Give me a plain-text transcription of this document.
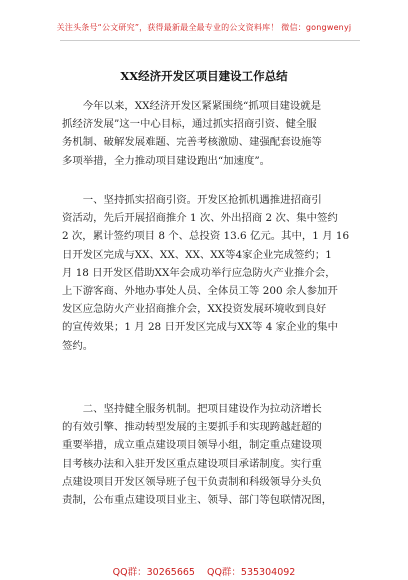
关注头条号“公文研究”，获得最新最全最专业的公文资料库！ 微信：gongwenyj
XX经济开发区项目建设工作总结
　　今年以来，XX经济开发区紧紧围绕“抓项目建设就是
抓经济发展”这一中心目标，通过抓实招商引资、健全服
务机制、破解发展难题、完善考核激励、建强配套设施等
多项举措，全力推动项目建设跑出“加速度”。
　　一、坚持抓实招商引资。开发区抢抓机遇推进招商引
资活动，先后开展招商推介 1 次、外出招商 2 次、集中签约
2 次，累计签约项目 8 个、总投资 13.6 亿元。其中，1 月 16
日开发区完成与XX、XX、XX、XX等4家企业完成签约；1
月 18 日开发区借助XX年会成功举行应急防火产业推介会，
上下游客商、外地办事处人员、全体员工等 200 余人参加开
发区应急防火产业招商推介会，XX投资发展环境收到良好
的宣传效果；1 月 28 日开发区完成与XX等 4 家企业的集中
签约。
　　二、坚持健全服务机制。把项目建设作为拉动济增长
的有效引擎、推动转型发展的主要抓手和实现跨越赶超的
重要举措，成立重点建设项目领导小组，制定重点建设项
目考核办法和入驻开发区重点建设项目承诺制度。实行重
点建设项目开发区领导班子包干负责制和科级领导分头负
责制，公布重点建设项目业主、领导、部门等包联情况图，
QQ群：30265665 QQ群：535304092
